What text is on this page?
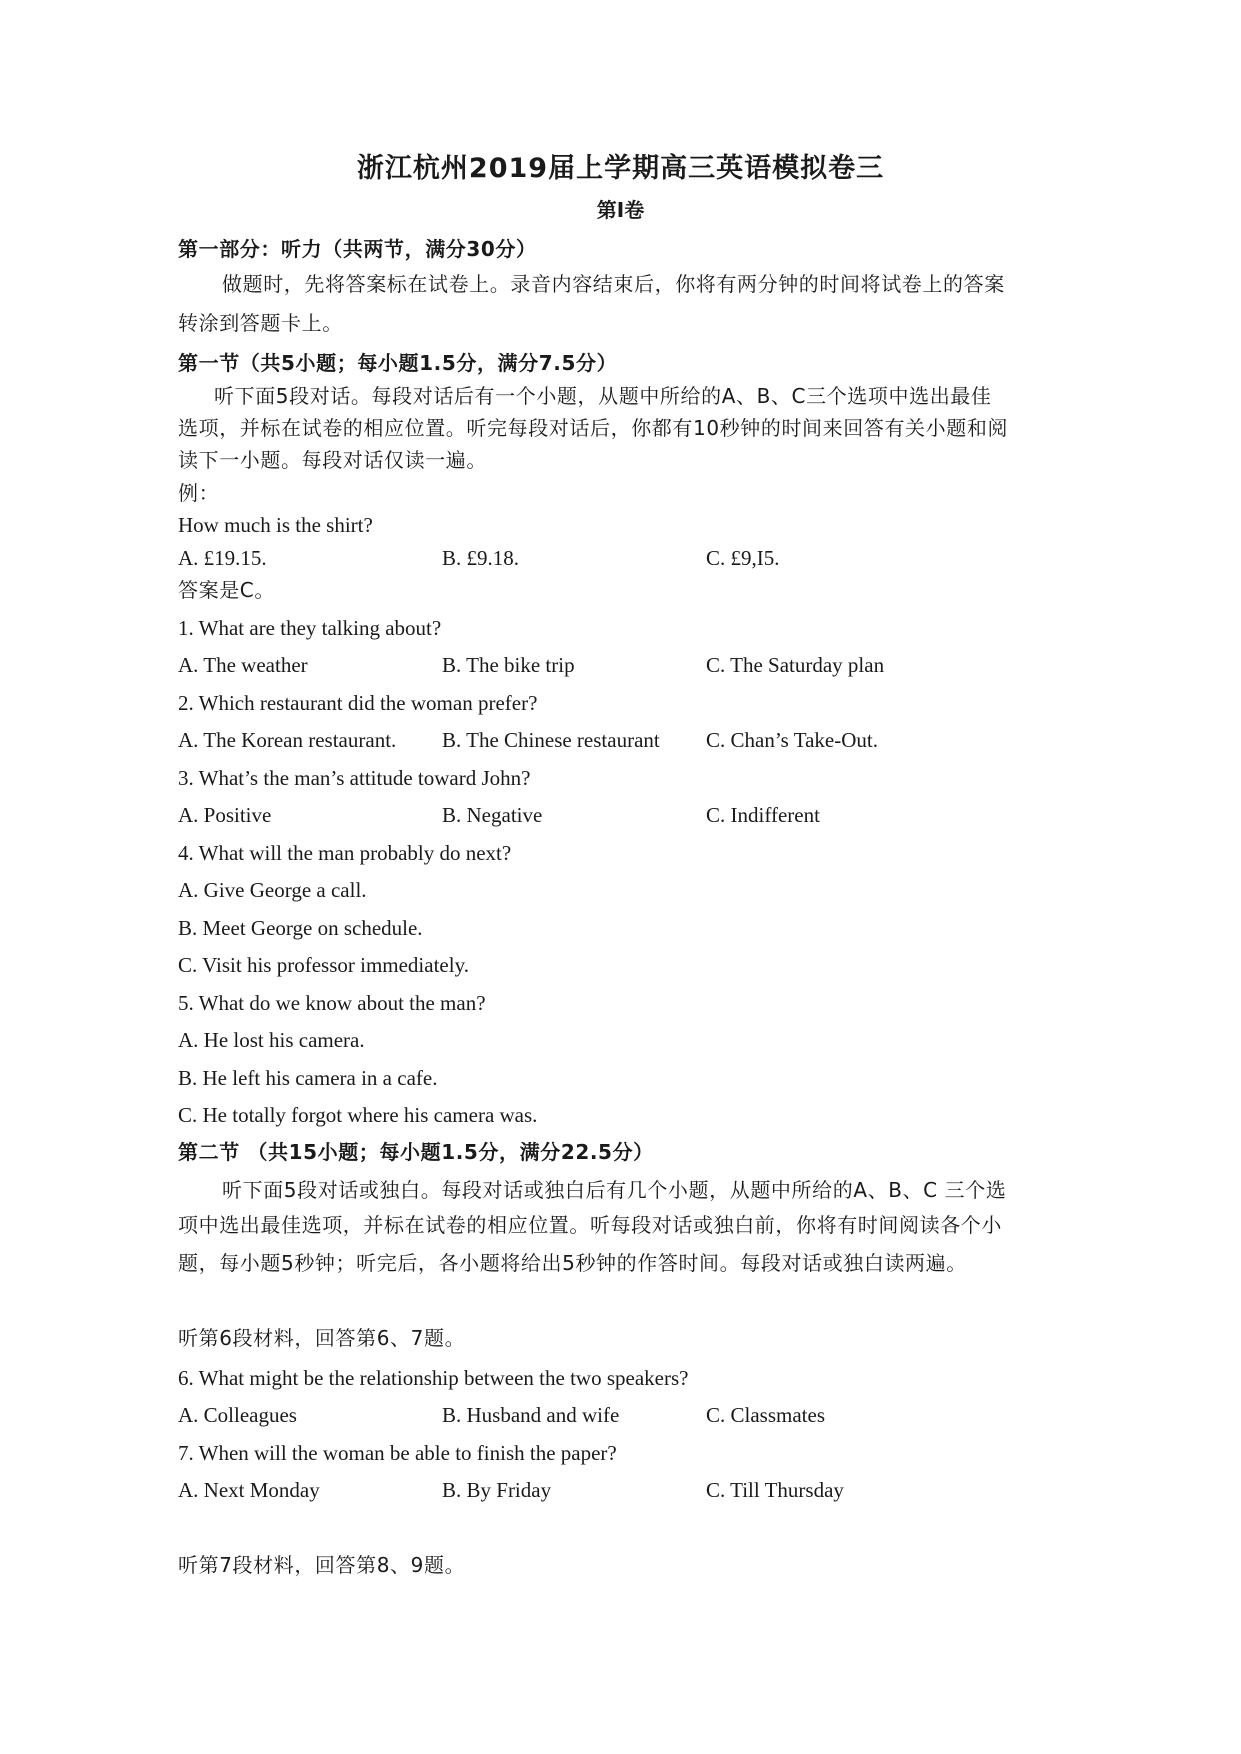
浙江杭州2019届上学期高三英语模拟卷三
第I卷
第一部分：听力（共两节，满分30分）
做题时，先将答案标在试卷上。录音内容结束后，你将有两分钟的时间将试卷上的答案
转涂到答题卡上。
第一节（共5小题；每小题1.5分，满分7.5分）
听下面5段对话。每段对话后有一个小题，从题中所给的A、B、C三个选项中选出最佳
选项，并标在试卷的相应位置。听完每段对话后，你都有10秒钟的时间来回答有关小题和阅
读下一小题。每段对话仅读一遍。
例：
How much is the shirt?
A. £19.15.	B. £9.18.	C. £9,I5.
答案是C。
1. What are they talking about?
A. The weather	B. The bike trip	C. The Saturday plan
2. Which restaurant did the woman prefer?
A. The Korean restaurant. B. The Chinese restaurant C. Chan’s Take-Out.
3. What’s the man’s attitude toward John?
A. Positive	B. Negative	C. Indifferent
4. What will the man probably do next?
A. Give George a call.
B. Meet George on schedule.
C. Visit his professor immediately.
5. What do we know about the man?
A. He lost his camera.
B. He left his camera in a cafe.
C. He totally forgot where his camera was.
第二节 （共15小题；每小题1.5分，满分22.5分）
听下面5段对话或独白。每段对话或独白后有几个小题，从题中所给的A、B、C 三个选
项中选出最佳选项，并标在试卷的相应位置。听每段对话或独白前，你将有时间阅读各个小
题，每小题5秒钟；听完后，各小题将给出5秒钟的作答时间。每段对话或独白读两遍。
听第6段材料，回答第6、7题。
6. What might be the relationship between the two speakers?
A. Colleagues	B. Husband and wife	C. Classmates
7. When will the woman be able to finish the paper?
A. Next Monday	B. By Friday	C. Till Thursday
听第7段材料，回答第8、9题。
